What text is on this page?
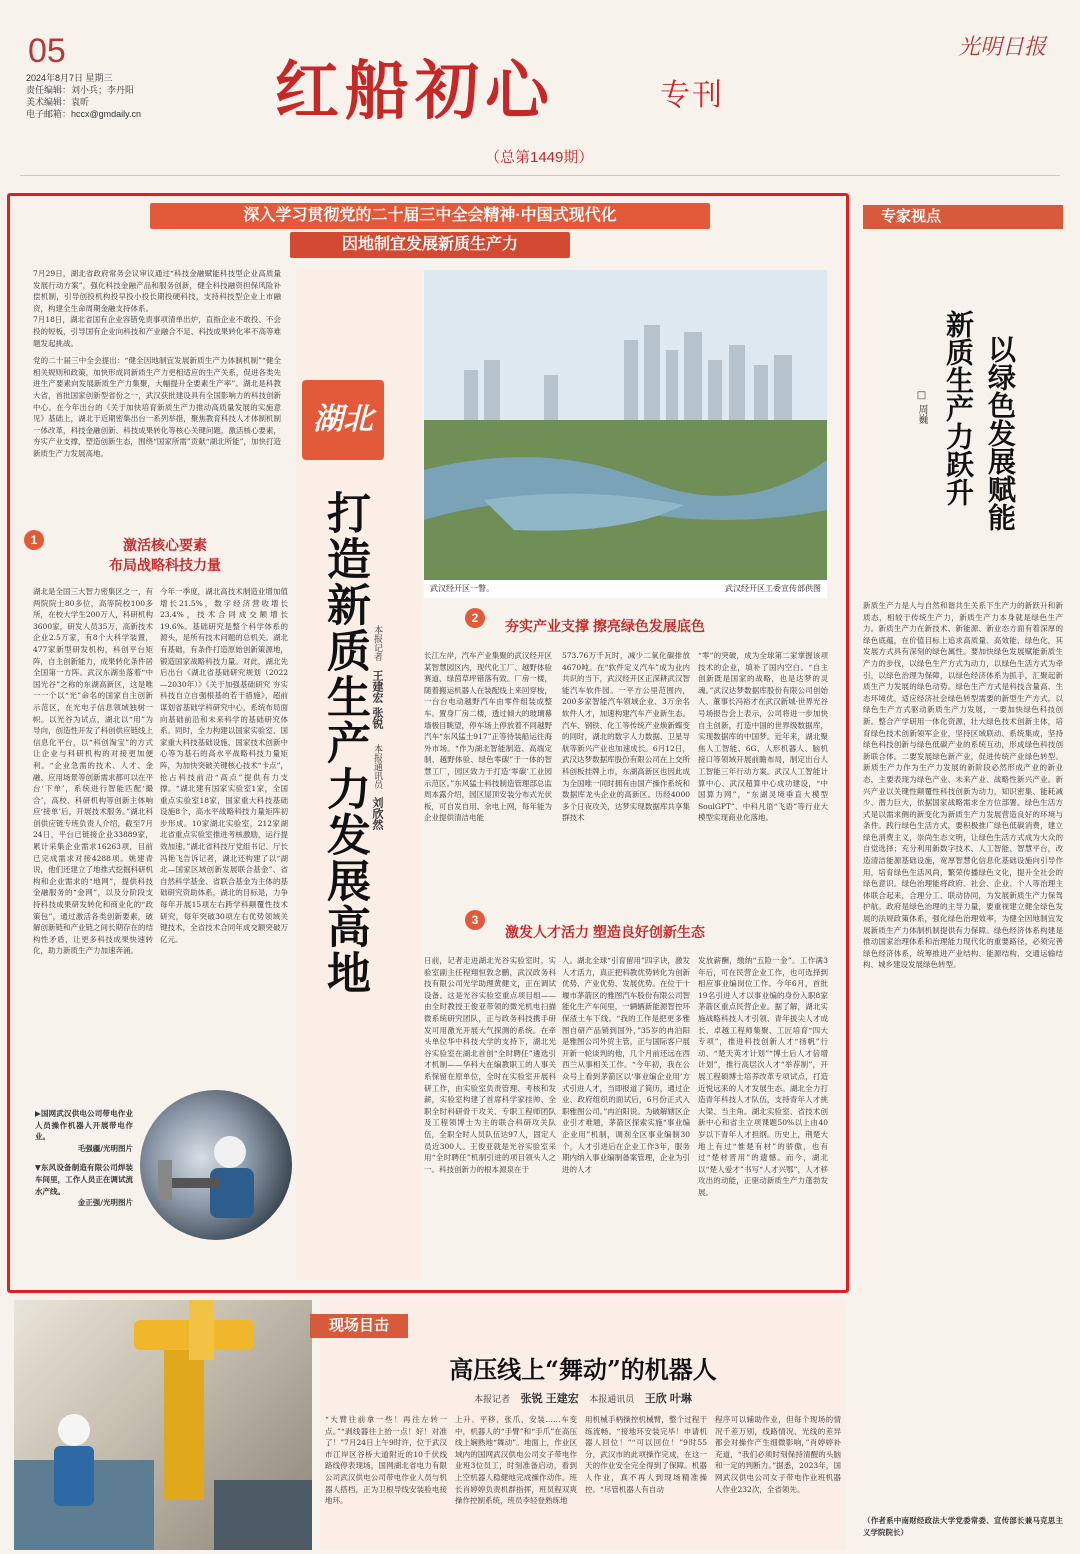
05
2024年8月7日 星期三
责任编辑：刘小兵；李丹阳
美术编辑：袁昕
电子邮箱：hccx@gmdaily.cn	红船初心	专刊
（总第1449期）
光明日报
深入学习贯彻党的二十届三中全会精神·中国式现代化
因地制宜发展新质生产力

7月29日，湖北省政府常务会议审议通过“科技金融赋能科技型企业高质量发展行动方案”，强化科技金融产品和服务创新，健全科技融资担保风险补偿机制，引导创投机构投早投小投长期投硬科技，支持科技型企业上市融资，构建全生命周期金融支持体系。

7月18日，湖北省国有企业容错免责事项清单出炉，直指企业不敢投、不会投的短板，引导国有企业向科技和产业融合不足、科技成果转化率不高等难题发起挑战。

党的二十届三中全会提出：“健全因地制宜发展新质生产力体制机制”“健全相关规则和政策，加快形成同新质生产力更相适应的生产关系，促进各类先进生产要素向发展新质生产力集聚，大幅提升全要素生产率”。湖北是科教大省，首批国家创新型省份之一，武汉获批建设具有全国影响力的科技创新中心。在今年出台的《关于加快培育新质生产力推动高质量发展的实施意见》基础上，湖北于近期密集出台一系列举措，聚焦教育科技人才体制机制一体改革，科技金融创新、科技成果转化等核心关键问题，激活核心要素，夯实产业支撑，塑造创新生态，围绕“国家所需”贡献“湖北所能”，加快打造新质生产力发展高地。

1	激活核心要素
布局战略科技力量
湖北是全国三大智力密集区之一，有两院院士80多位，高等院校100多所，在校大学生200万人，科研机构3600家，研发人员35万，高新技术企业2.5万家，有8个大科学装置，477家新型研发机构，科创平台矩阵，自主创新能力，成果转化条件居全国第一方阵。武汉东湖坐落着“中国光谷”之称的东湖高新区，这是唯一一个以“光”命名的国家自主创新示范区，在光电子信息领域独树一帜。以光谷为试点，湖北以“用”为导向，创造性开发了科创供应链线上信息化平台，以“科创淘宝”的方式让企业与科研机构的对接更加便利。“企业急需的技术、人才、金融、应用场景等创新需求都可以在平台‘下单’，系统进行智能匹配‘撮合’，高校、科研机构等创新主体响应‘接单’后，开展技术服务。”湖北科创供应链专班负责人介绍，截至7月24日，平台已链接企业33889家，累计采集企业需求16263项，目前已完成需求对接4288项。姚建青说，他们还建立了地推式挖掘科研机构和企业需求的“地网”，提供科技金融服务的“金网”，以及分阶段支持科技成果研发转化和商业化的“政策包”，通过激活各类创新要素，破解创新链和产业链之间长期存在的结构性矛盾，让更多科技成果快速转化，助力新质生产力加速奔涌。
今年一季度，湖北高技术制造业增加值增长21.5%，数字经济营收增长23.4%，技术合同成交额增长19.6%。基础研究是整个科学体系的源头，是所有技术问题的总机关。湖北有基础，有条件打造原始创新策源地，锻造国家战略科技力量。对此，湖北先后出台《湖北省基础研究规划（2022—2030年）》《关于加强基础研究 夯实科技自立自强根基的若干措施》，超前谋划省基础学科研究中心，系统布局面向基础前沿和未来科学的基础研究体系。同时，全力构建以国家实验室、国家重大科技基础设施、国家技术创新中心等为基石的高水平战略科技力量矩阵，为加快突破关键核心技术“卡点”，抢占科技前沿“高点”提供有力支撑。“湖北建有国家实验室1家，全国重点实验室18家，国家重大科技基础设施8个，高水平战略科技力量矩阵初步形成。10家湖北实验室，212家湖北省重点实验室推进考核激励，运行提效加速。”湖北省科技厅党组书记、厅长冯艳飞告诉记者，湖北还构建了以“湖北—国家区域创新发展联合基金”、省自然科学基金、省联合基金为主体的基础研究资助体系，湖北的目标是，力争每年开展15项左右跨学科颠覆性技术研究，每年突破30项左右优势领域关键技术，全省技术合同年成交额突破万亿元。
▶国网武汉供电公司带电作业人员操作机器人开展带电作业。
毛强疆/光明图片
▼东风设备制造有限公司焊装车间里，工作人员正在调试流水产线。
金正强/光明图片
湖北
打造新质生产力发展高地 本报记者 王建宏 张锐 本报通讯员 刘欣然
武汉经开区一瞥。	武汉经开区工委宣传部供图
2	夯实产业支撑 擦亮绿色发展底色
长江左岸，汽车产业集聚的武汉经开区某智慧园区内，现代化工厂、越野体验赛道、绿茵草坪错落有致。厂房一楼，随着搬运机器人在装配线上来回穿梭，一台台电动越野汽车由零件组装成整车。置身厂房二楼，透过倾大的玻璃幕墙极目眺望，停车场上停放着不同越野汽车“东风猛士917”正等待装船运往海外市场。“作为湖北智能制造、高端定制、越野体验、绿色零碳”于一体的智慧工厂，园区致力于打造‘零碳’工业园示范区。”东风猛士科技制造管理部总监周本露介绍，园区屋顶安装分布式光伏板，可自发自用、余电上网，每年能为企业提供清洁电能
573.76万千瓦时，减少二氧化碳排放4670吨。在“软件定义汽车”成为业内共识的当下，武汉经开区正深耕武汉智能汽车软件园。一平方公里范围内，200多家智能汽车领域企业、3万余名软件人才，加速构建汽车产业新生态。汽车、钢铁、化工等传统产业焕新蝶变的同时，湖北的数字人力数据、卫星导航等新兴产业也加速成长。6月12日，武汉达梦数据库股份有限公司在上交所科创板挂牌上市，东湖高新区也因此成为全国唯一同时拥有由国产操作系统和数据库龙头企业的高新区。历经4000多个日夜攻关，达梦实现数据库共享集群技术
“零”的突破，成为全球第二家掌握该项技术的企业，填补了国内空白。“自主创新既是国家的战略，也是达梦的灵魂。”武汉达梦数据库股份有限公司创始人、董事长冯裕才在武汉新城·世界光谷号场报告会上表示，公司将进一步加快自主创新，打造中国的世界级数据库，实现数据库的中国梦。近年来，湖北聚焦人工智能、6G、人形机器人、脑机接口等领域开展前瞻布局，制定出台人工智能三年行动方案。武汉人工智能计算中心、武汉超算中心成功建设，“中国算力网”，“东湖灵境垂直大模型SoulGPT”、中科凡语“飞语”等行业大模型实现商业化落地。
3
激发人才活力 塑造良好创新生态
日前，记者走进湖北光谷实验室时，实验室副主任程翔恒敦念鹏，武汉政务科技有限公司光学助理黄健文，正在调试设备。这是光谷实验室重点项目组——由全时教授王俊亚带领的微光机电扫描微系统研究团队，正与政务科技携手研发可用激光开展大气探测的系统。在牵头单位华中科技大学的支持下，湖北光谷实验室在湖北首创“全时聘任”遴选引才机制——华科大在编教职工的人事关系保留在原单位，全时在实验室开展科研工作，由实验室负责管理、考核和发薪，实验室构建了首席科学家挂帅、全职全时科研骨干攻关、专职工程师团队及工程领博士为主的联合科研攻关队伍，全职全时人员队伍达97人，固定人员近300人。王俊亚就是光谷实验室采用“全时聘任”机制引进的项目领头人之一。科技创新力的根本源泉在于
人。湖北全球“引育留用”四字诀，激发人才活力，真正把科教优势转化为创新优势、产业优势、发展优势。在位于十堰市茅箭区的雅图汽车股份有限公司智能化生产车间里，一辆辆新能源智控环保渣土车下线。“我的工作是把更多雅图自研产品销到国外，”35岁的冉泊阳是雅图公司外贸主管，正与国际客户展开新一轮谈判的他，几个月前还远在西西兰从事相关工作。“今年初，我在公众号上看到茅箭区以‘事业编企业用’方式引进人才，当即报道了简历，通过企业、政府组织的面试后，6月份正式入职雅图公司。”冉泊阳说。为破解辖区企业引才难题，茅箭区探索实施“事业编企业用”机制，调剂全区事业编制30个，人才引进后在企业工作3年，服务期内纳入事业编制备案管理，企业为引进的人才
发放薪酬，缴纳“五险一金”。工作满3年后，可在民营企业工作，也可选择到相应事业编岗位工作。今年6月，首批19名引进人才以事业编的身份入职8家茅箭区重点民营企业。据了解，湖北实施战略科技人才引领、青年拔尖人才成长、卓越工程师集聚、工匠培育“四大专项”，推进科技创新人才“扬帆”行动、“楚天英才计划”“博士后人才倍增计划”，推行高层次人才“举荐制”，开展工程硕博士培养改革专项试点，打造近悦远来的人才发展生态。湖北全力打造青年科技人才队伍，支持青年人才挑大梁、当主角。湖北实验室、省技术创新中心和省主立项课题50%以上由40岁以下青年人才担纲。历史上，荆楚大地上有过“惟楚有材”的骄傲，也有过“楚材晋用”的遗憾。而今，湖北以“楚人爱才”书写“人才兴鄂”，人才移攻出的动能，正驱动新质生产力蓬勃发展。
专家视点
以绿色发展赋能
新质生产力跃升
□ 周巍
新质生产力是人与自然和谐共生关系下生产力的新跃升和新质态，相较于传统生产力，新质生产力本身就是绿色生产力。新质生产力在新技术、新能源、新业态方面有着深厚的绿色底蕴，在价值目标上追求高质量、高效能、绿色化，其发展方式具有深刻的绿色属性。要加快绿色发展赋能新质生产力的步伐，以绿色生产方式为动力，以绿色生活方式为牵引，以绿色治理为保障，以绿色经济体系为抓手，汇聚起新质生产力发展的绿色动势。绿色生产方式是科技含量高、生态环境优，适应经济社会绿色转型需要的新型生产方式。以绿色生产方式驱动新质生产力发展，一要加快绿色科技创新。整合产学研用一体化资源，壮大绿色技术创新主体，培育绿色技术创新领军企业，坚持区域联动、系统集成，坚持绿色科技创新与绿色低碳产业的系统互动，形成绿色科技创新联合体。二要发展绿色新产业，促进传统产业绿色转型。新质生产力作为生产力发展的新阶段必然形成产业的新业态，主要表现为绿色产业、未来产业、战略性新兴产业。新兴产业以关键性颠覆性科技创新为动力，知识密集、能耗减少、潜力巨大，依据国家战略需求全方位部署。绿色生活方式是以需求侧的新变化为新质生产力发展营造良好的环境与条件。践行绿色生活方式，要积极推广绿色低碳消费，建立绿色消费主义，崇尚生态文明，让绿色生活方式成为大众的自觉选择；充分利用新数字技术、人工智能、智慧平台，改造清洁能源基础设施，宽厚智慧化信息化基础设施向引导作用，培育绿色生活风尚，繁荣传播绿色文化，提升全社会的绿色意识。绿色治理能将政府、社会、企业、个人等治理主体联合起来，合理分工、联动协同，为发展新质生产力保驾护航。政府是绿色治理的主导力量，要重视建立健全绿色发展的法规政策体系，强化绿色治理效率，为健全因地制宜发展新质生产力体制机制提供有力保障。绿色经济体系构建是推动国家治理体系和治理能力现代化的重要路径，必须完善绿色经济体系，统筹推进产业结构、能源结构、交通运输结构、城乡建设发展绿色转型。
（作者系中南财经政法大学党委常委、宣传部长兼马克思主义学院院长）
现场目击
高压线上“舞动”的机器人
本报记者 张锐 王建宏 本报通讯员 王欣 叶琳
“大臂往前拿一些！再往左转一点。”“剥线器往上抬一点！好！对准了！”7月24日上午9时许，位于武汉市江岸区谷桥大道附近的10千伏线路线停表现场，国网湖北省电力有限公司武汉供电公司带电作业人员与机器人搭档，正为卫根导线安装验电接地环。
上升、平移、张爪、安装……车变中，机器人的“手臂”和“手爪”在高压线上娴熟地“舞动”。地面上，作业区域内的国网武汉供电公司女子带电作业班3位员工，时刻准备启动，看到上空机器人稳健地完成操作动作。班长肖婷婷负责机群指挥，班员程双爽操作控制系统，班员李轻登熟练地
用机械手柄操控机械臂，整个过程干练流畅。“接地环安装完毕！申请机器人回位！”“可以回位！”9时55分，武汉市的此项操作完成，在这一天的作业安全完全得到了保障。机器人作业，真不再人到现场精准操控。“尽管机器人有自动
程序可以辅助作业，但每个现场的情况千差万别，线路情况、光线的差异都会对操作产生细微影响，”肖婷婷补充道，“我们必须时刻保持清醒的头脑和一定的判断力。”据悉，2023年，国网武汉供电公司女子带电作业班机器人作业232次，全省领先。
